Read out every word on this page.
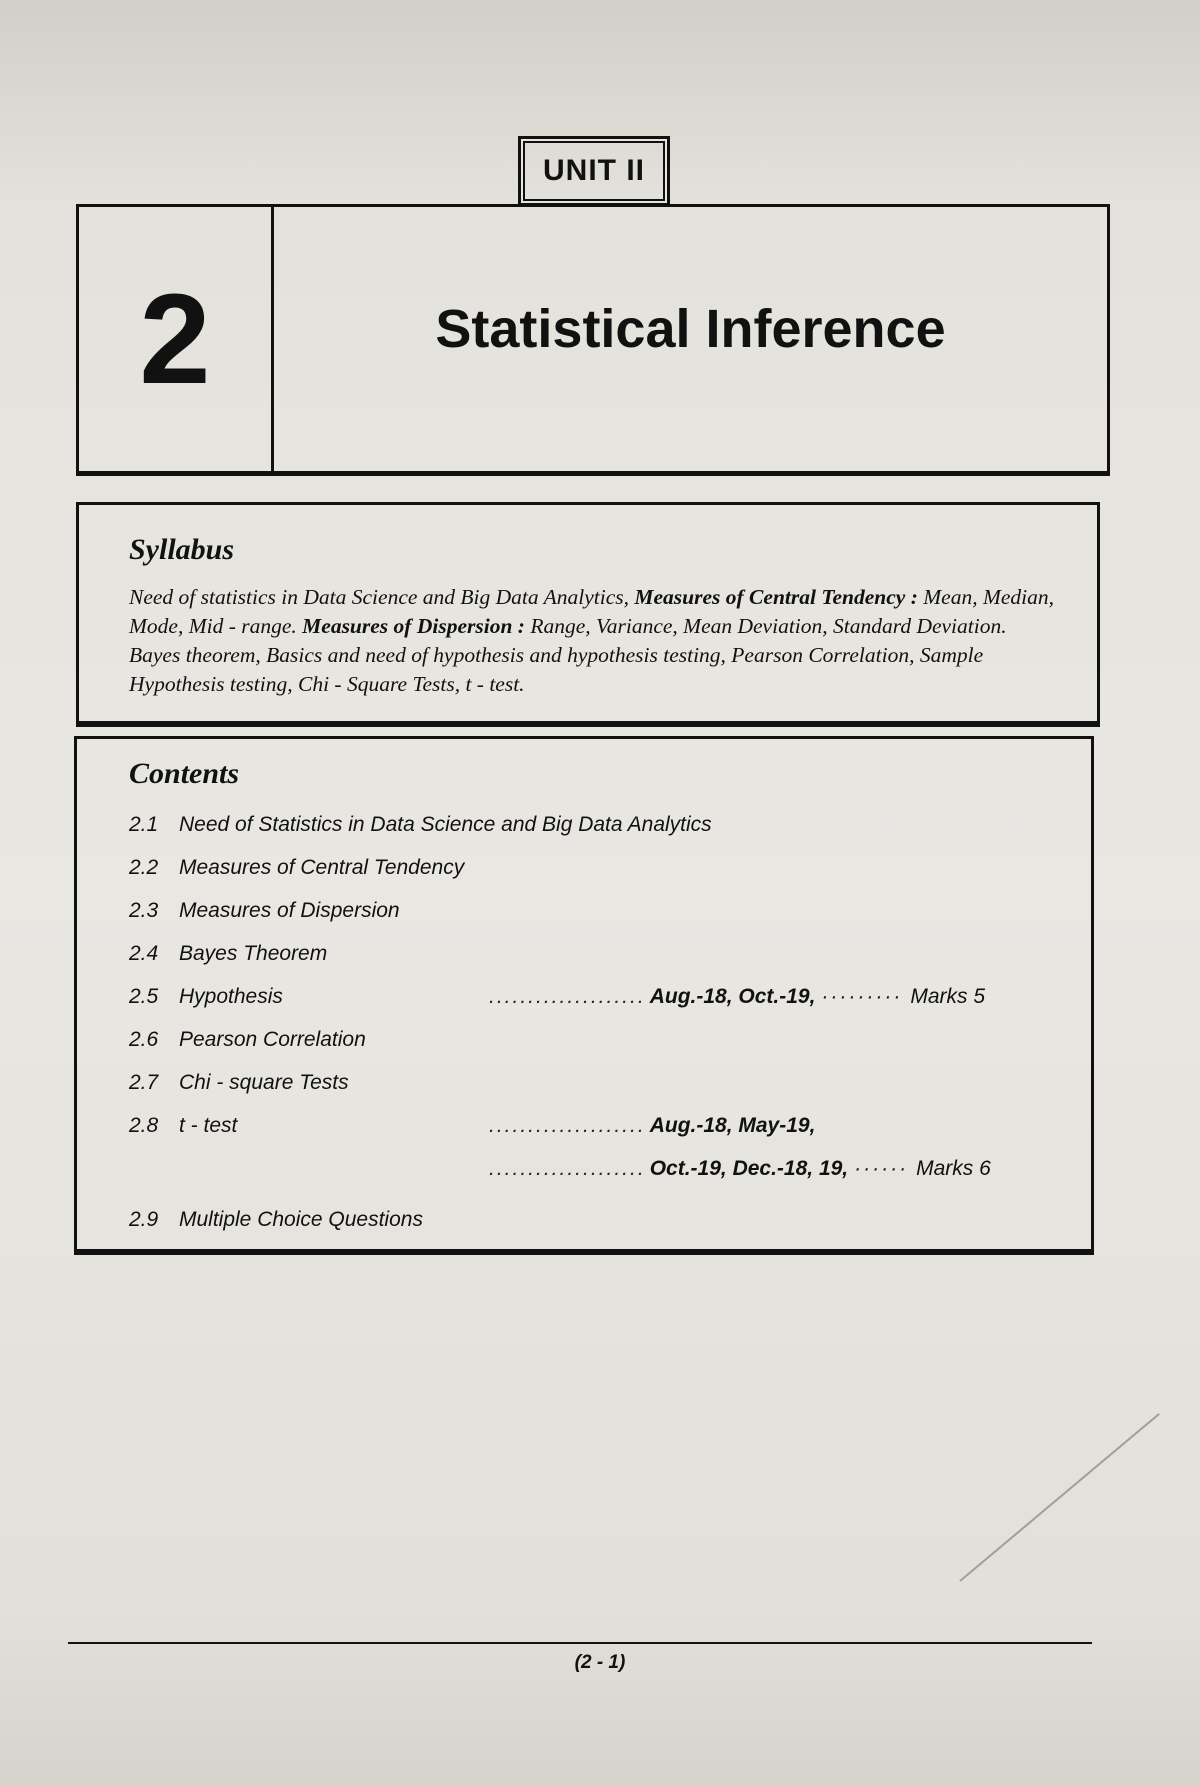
UNIT II
2	Statistical Inference
Syllabus

Need of statistics in Data Science and Big Data Analytics, Measures of Central Tendency : Mean, Median, Mode, Mid - range. Measures of Dispersion : Range, Variance, Mean Deviation, Standard Deviation. Bayes theorem, Basics and need of hypothesis and hypothesis testing, Pearson Correlation, Sample Hypothesis testing, Chi - Square Tests, t - test.

Contents
2.1 Need of Statistics in Data Science and Big Data Analytics
2.2 Measures of Central Tendency
2.3 Measures of Dispersion
2.4 Bayes Theorem
2.5 Hypothesis	.................... Aug.-18, Oct.-19, ········· Marks 5
2.6 Pearson Correlation
2.7 Chi - square Tests
2.8 t - test	.................... Aug.-18, May-19,
.................... Oct.-19, Dec.-18, 19, ······ Marks 6
2.9 Multiple Choice Questions
(2 - 1)
